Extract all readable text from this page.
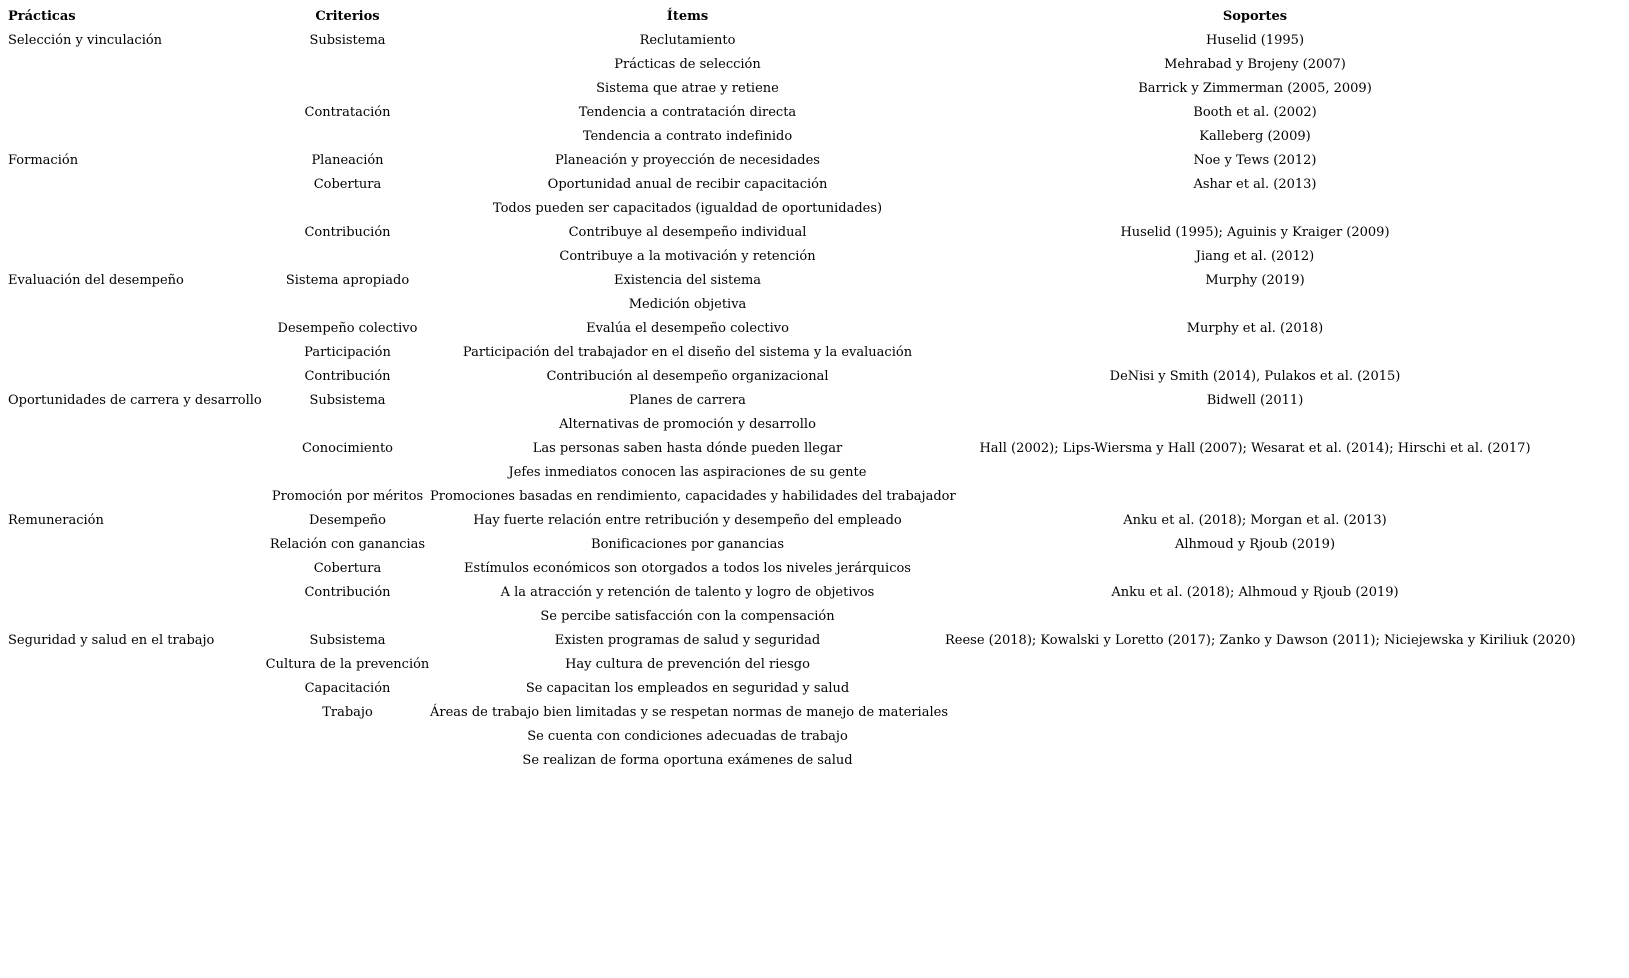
Prácticas	Criterios	Ítems	Soportes
Selección y vinculación	Subsistema	Reclutamiento	Huselid (1995)
		Prácticas de selección	Mehrabad y Brojeny (2007)
		Sistema que atrae y retiene	Barrick y Zimmerman (2005, 2009)
	Contratación	Tendencia a contratación directa	Booth et al. (2002)
		Tendencia a contrato indefinido	Kalleberg (2009)
Formación	Planeación	Planeación y proyección de necesidades	Noe y Tews (2012)
	Cobertura	Oportunidad anual de recibir capacitación	Ashar et al. (2013)
		Todos pueden ser capacitados (igualdad de oportunidades)	
	Contribución	Contribuye al desempeño individual	Huselid (1995); Aguinis y Kraiger (2009)
		Contribuye a la motivación y retención	Jiang et al. (2012)
Evaluación del desempeño	Sistema apropiado	Existencia del sistema	Murphy (2019)
		Medición objetiva	
	Desempeño colectivo	Evalúa el desempeño colectivo	Murphy et al. (2018)
	Participación	Participación del trabajador en el diseño del sistema y la evaluación	
	Contribución	Contribución al desempeño organizacional	DeNisi y Smith (2014), Pulakos et al. (2015)
Oportunidades de carrera y desarrollo	Subsistema	Planes de carrera	Bidwell (2011)
		Alternativas de promoción y desarrollo	
	Conocimiento	Las personas saben hasta dónde pueden llegar	Hall (2002); Lips-Wiersma y Hall (2007); Wesarat et al. (2014); Hirschi et al. (2017)
		Jefes inmediatos conocen las aspiraciones de su gente	
	Promoción por méritos	Promociones basadas en rendimiento, capacidades y habilidades del trabajador	
Remuneración	Desempeño	Hay fuerte relación entre retribución y desempeño del empleado	Anku et al. (2018); Morgan et al. (2013)
	Relación con ganancias	Bonificaciones por ganancias	Alhmoud y Rjoub (2019)
	Cobertura	Estímulos económicos son otorgados a todos los niveles jerárquicos	
	Contribución	A la atracción y retención de talento y logro de objetivos	Anku et al. (2018); Alhmoud y Rjoub (2019)
		Se percibe satisfacción con la compensación	
Seguridad y salud en el trabajo	Subsistema	Existen programas de salud y seguridad	Reese (2018); Kowalski y Loretto (2017); Zanko y Dawson (2011); Niciejewska y Kiriliuk (2020)
	Cultura de la prevención	Hay cultura de prevención del riesgo	
	Capacitación	Se capacitan los empleados en seguridad y salud	
	Trabajo	Áreas de trabajo bien limitadas y se respetan normas de manejo de materiales	
		Se cuenta con condiciones adecuadas de trabajo	
		Se realizan de forma oportuna exámenes de salud	
